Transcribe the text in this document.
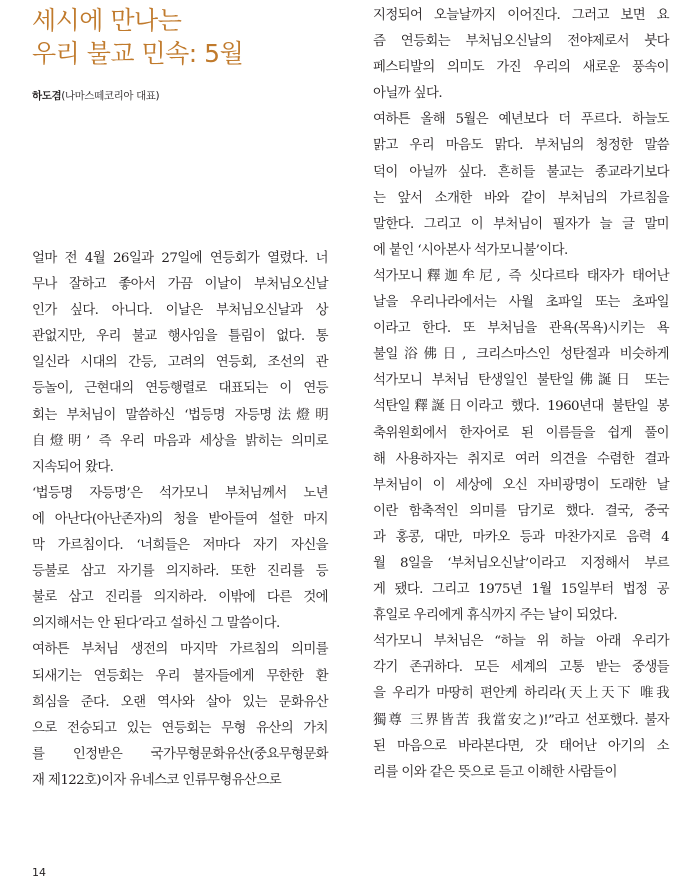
세시에 만나는
우리 불교 민속: 5월
하도겸(나마스떼코리아 대표)
얼마 전 4월 26일과 27일에 연등회가 열렸다. 너
무나 잘하고 좋아서 가끔 이날이 부처님오신날
인가 싶다. 아니다. 이날은 부처님오신날과 상
관없지만, 우리 불교 행사임을 틀림이 없다. 통
일신라 시대의 간등, 고려의 연등회, 조선의 관
등놀이, 근현대의 연등행렬로 대표되는 이 연등
회는 부처님이 말씀하신 ‘법등명 자등명法燈明
自燈明’ 즉 우리 마음과 세상을 밝히는 의미로
지속되어 왔다.
‘법등명 자등명’은 석가모니 부처님께서 노년
에 아난다(아난존자)의 청을 받아들여 설한 마지
막 가르침이다. ‘너희들은 저마다 자기 자신을
등불로 삼고 자기를 의지하라. 또한 진리를 등
불로 삼고 진리를 의지하라. 이밖에 다른 것에
의지해서는 안 된다’라고 설하신 그 말씀이다.
여하튼 부처님 생전의 마지막 가르침의 의미를
되새기는 연등회는 우리 불자들에게 무한한 환
희심을 준다. 오랜 역사와 살아 있는 문화유산
으로 전승되고 있는 연등회는 무형 유산의 가치
를 인정받은 국가무형문화유산(중요무형문화
재 제122호)이자 유네스코 인류무형유산으로
지정되어 오늘날까지 이어진다. 그러고 보면 요
즘 연등회는 부처님오신날의 전야제로서 붓다
페스티발의 의미도 가진 우리의 새로운 풍속이
아닐까 싶다.
여하튼 올해 5월은 예년보다 더 푸르다. 하늘도
맑고 우리 마음도 맑다. 부처님의 청정한 말씀
덕이 아닐까 싶다. 흔히들 불교는 종교라기보다
는 앞서 소개한 바와 같이 부처님의 가르침을
말한다. 그리고 이 부처님이 필자가 늘 글 말미
에 붙인 ‘시아본사 석가모니불’이다.
석가모니釋迦牟尼, 즉 싯다르타 태자가 태어난
날을 우리나라에서는 사월 초파일 또는 초파일
이라고 한다. 또 부처님을 관욕(목욕)시키는 욕
불일浴佛日, 크리스마스인 성탄절과 비슷하게
석가모니 부처님 탄생일인 불탄일佛誕日 또는
석탄일釋誕日이라고 했다. 1960년대 불탄일 봉
축위원회에서 한자어로 된 이름들을 쉽게 풀이
해 사용하자는 취지로 여러 의견을 수렴한 결과
부처님이 이 세상에 오신 자비광명이 도래한 날
이란 함축적인 의미를 담기로 했다. 결국, 중국
과 홍콩, 대만, 마카오 등과 마찬가지로 음력 4
월 8일을 ‘부처님오신날’이라고 지정해서 부르
게 됐다. 그리고 1975년 1월 15일부터 법정 공
휴일로 우리에게 휴식까지 주는 날이 되었다.
석가모니 부처님은 “하늘 위 하늘 아래 우리가
각기 존귀하다. 모든 세계의 고통 받는 중생들
을 우리가 마땅히 편안케 하리라(天上天下 唯我
獨尊 三界皆苦 我當安之)!”라고 선포했다. 불자
된 마음으로 바라본다면, 갓 태어난 아기의 소
리를 이와 같은 뜻으로 듣고 이해한 사람들이
14
